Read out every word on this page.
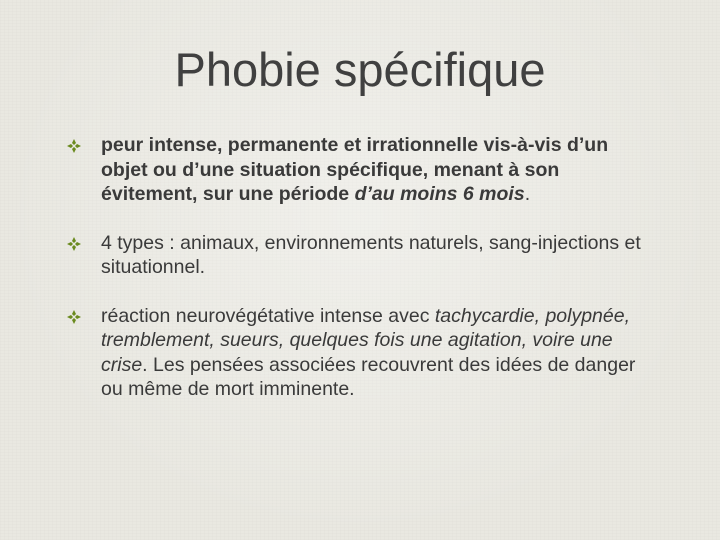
Phobie spécifique
peur intense, permanente et irrationnelle vis-à-vis d’un objet ou d’une situation spécifique, menant à son évitement, sur une période d’au moins 6 mois.
4 types : animaux, environnements naturels, sang-injections et situationnel.
réaction neurovégétative intense avec tachycardie, polypnée, tremblement, sueurs, quelques fois une agitation, voire une crise. Les pensées associées recouvrent des idées de danger ou même de mort imminente.
